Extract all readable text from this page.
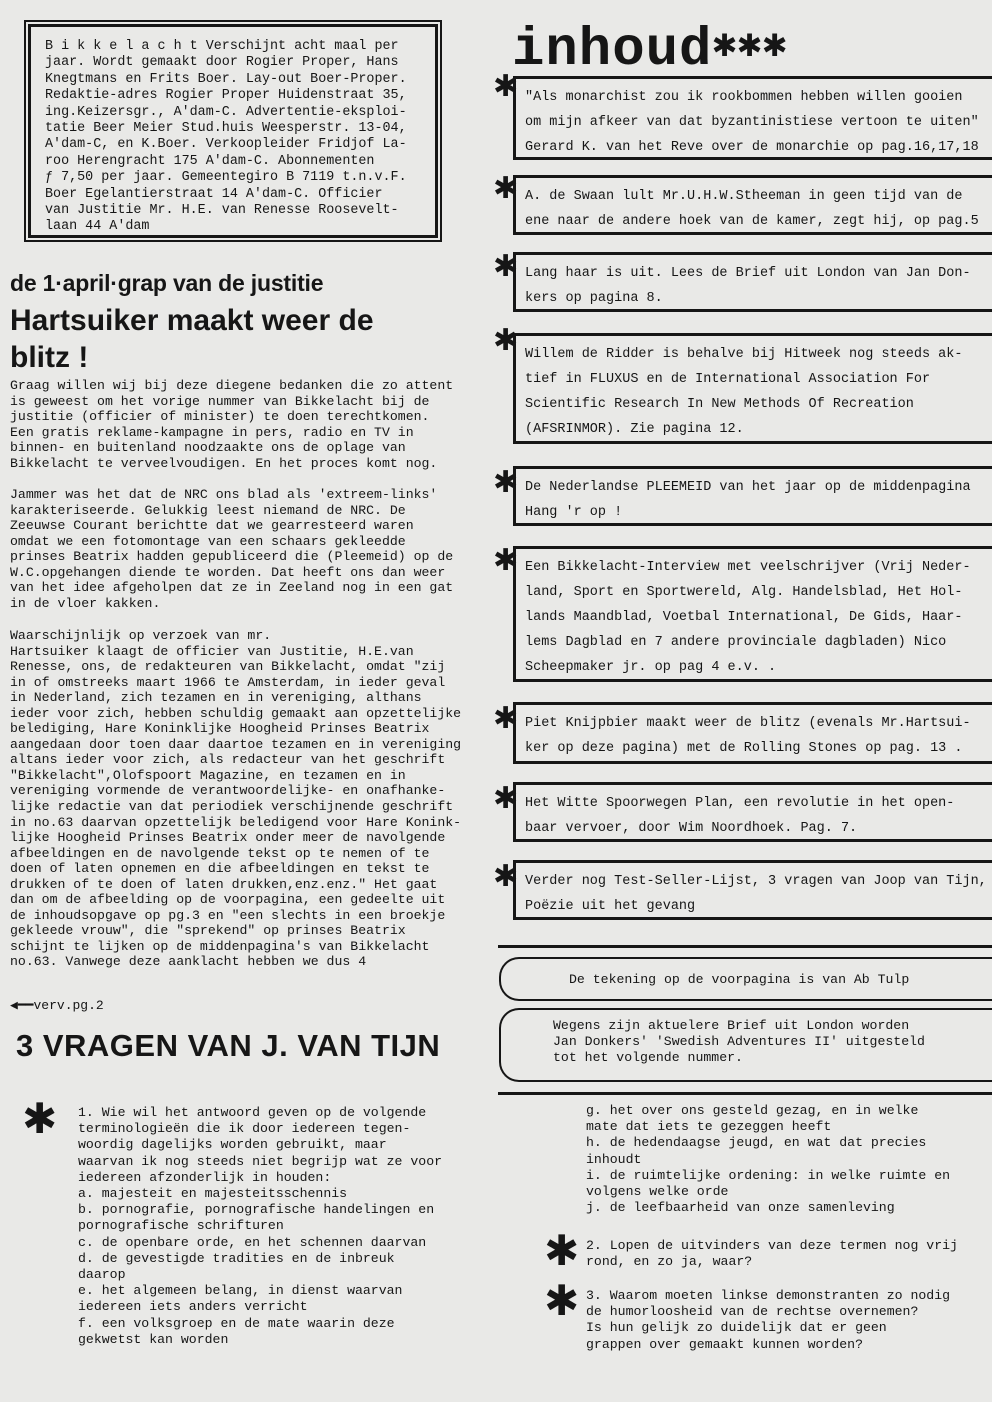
B i k k e l a c h t Verschijnt acht maal per
jaar. Wordt gemaakt door Rogier Proper, Hans
Knegtmans en Frits Boer. Lay-out Boer-Proper.
Redaktie-adres Rogier Proper Huidenstraat 35,
ing.Keizersgr., A'dam-C. Advertentie-eksploi-
tatie Beer Meier Stud.huis Weesperstr. 13-04,
A'dam-C, en K.Boer. Verkoopleider Fridjof La-
roo Herengracht 175 A'dam-C. Abonnementen
ƒ 7,50 per jaar. Gemeentegiro B 7119 t.n.v.F.
Boer Egelantierstraat 14 A'dam-C. Officier
van Justitie Mr. H.E. van Renesse Roosevelt-
laan 44 A'dam
de 1·april·grap van de justitie
Hartsuiker maakt weer de
blitz !
Graag willen wij bij deze diegene bedanken die zo attent
is geweest om het vorige nummer van Bikkelacht bij de
justitie (officier of minister) te doen terechtkomen.
Een gratis reklame-kampagne in pers, radio en TV in
binnen- en buitenland noodzaakte ons de oplage van
Bikkelacht te verveelvoudigen. En het proces komt nog.
Jammer was het dat de NRC ons blad als 'extreem-links'
karakteriseerde. Gelukkig leest niemand de NRC. De
Zeeuwse Courant berichtte dat we gearresteerd waren
omdat we een fotomontage van een schaars gekleedde
prinses Beatrix hadden gepubliceerd die (Pleemeid) op de
W.C.opgehangen diende te worden. Dat heeft ons dan weer
van het idee afgeholpen dat ze in Zeeland nog in een gat
in de vloer kakken.
Waarschijnlijk op verzoek van mr.
Hartsuiker klaagt de officier van Justitie, H.E.van
Renesse, ons, de redakteuren van Bikkelacht, omdat "zij
in of omstreeks maart 1966 te Amsterdam, in ieder geval
in Nederland, zich tezamen en in vereniging, althans
ieder voor zich, hebben schuldig gemaakt aan opzettelijke
belediging, Hare Koninklijke Hoogheid Prinses Beatrix
aangedaan door toen daar daartoe tezamen en in vereniging
altans ieder voor zich, als redacteur van het geschrift
"Bikkelacht",Olofspoort Magazine, en tezamen en in
vereniging vormende de verantwoordelijke- en onafhanke-
lijke redactie van dat periodiek verschijnende geschrift
in no.63 daarvan opzettelijk beledigend voor Hare Konink-
lijke Hoogheid Prinses Beatrix onder meer de navolgende
afbeeldingen en de navolgende tekst op te nemen of te
doen of laten opnemen en die afbeeldingen en tekst te
drukken of te doen of laten drukken,enz.enz." Het gaat
dan om de afbeelding op de voorpagina, een gedeelte uit
de inhoudsopgave op pg.3 en "een slechts in een broekje
gekleede vrouw", die "sprekend" op prinses Beatrix
schijnt te lijken op de middenpagina's van Bikkelacht
no.63. Vanwege deze aanklacht hebben we dus 4
◀━━verv.pg.2
inhoud✱✱✱
✱ "Als monarchist zou ik rookbommen hebben willen gooien
om mijn afkeer van dat byzantinistiese vertoon te uiten"
Gerard K. van het Reve over de monarchie op pag.16,17,18
✱ A. de Swaan lult Mr.U.H.W.Stheeman in geen tijd van de
ene naar de andere hoek van de kamer, zegt hij, op pag.5
✱ Lang haar is uit. Lees de Brief uit London van Jan Don-
kers op pagina 8.
✱ Willem de Ridder is behalve bij Hitweek nog steeds ak-
tief in FLUXUS en de International Association For
Scientific Research In New Methods Of Recreation
(AFSRINMOR). Zie pagina 12.
✱ De Nederlandse PLEEMEID van het jaar op de middenpagina
Hang 'r op !
✱ Een Bikkelacht-Interview met veelschrijver (Vrij Neder-
land, Sport en Sportwereld, Alg. Handelsblad, Het Hol-
lands Maandblad, Voetbal International, De Gids, Haar-
lems Dagblad en 7 andere provinciale dagbladen) Nico
Scheepmaker jr. op pag 4 e.v. .
✱ Piet Knijpbier maakt weer de blitz (evenals Mr.Hartsui-
ker op deze pagina) met de Rolling Stones op pag. 13 .
✱ Het Witte Spoorwegen Plan, een revolutie in het open-
baar vervoer, door Wim Noordhoek. Pag. 7.
✱ Verder nog Test-Seller-Lijst, 3 vragen van Joop van Tijn,
Poëzie uit het gevang
De tekening op de voorpagina is van Ab Tulp
Wegens zijn aktuelere Brief uit London worden
Jan Donkers' 'Swedish Adventures II' uitgesteld
tot het volgende nummer.
3 VRAGEN VAN J. VAN TIJN
✱ 1. Wie wil het antwoord geven op de volgende
terminologieën die ik door iedereen tegen-
woordig dagelijks worden gebruikt, maar
waarvan ik nog steeds niet begrijp wat ze voor
iedereen afzonderlijk in houden:
a. majesteit en majesteitsschennis
b. pornografie, pornografische handelingen en
pornografische schrifturen
c. de openbare orde, en het schennen daarvan
d. de gevestigde tradities en de inbreuk
daarop
e. het algemeen belang, in dienst waarvan
iedereen iets anders verricht
f. een volksgroep en de mate waarin deze
gekwetst kan worden
g. het over ons gesteld gezag, en in welke
mate dat iets te gezeggen heeft
h. de hedendaagse jeugd, en wat dat precies
inhoudt
i. de ruimtelijke ordening: in welke ruimte en
volgens welke orde
j. de leefbaarheid van onze samenleving
✱ 2. Lopen de uitvinders van deze termen nog vrij
rond, en zo ja, waar?
✱ 3. Waarom moeten linkse demonstranten zo nodig
de humorloosheid van de rechtse overnemen?
Is hun gelijk zo duidelijk dat er geen
grappen over gemaakt kunnen worden?
